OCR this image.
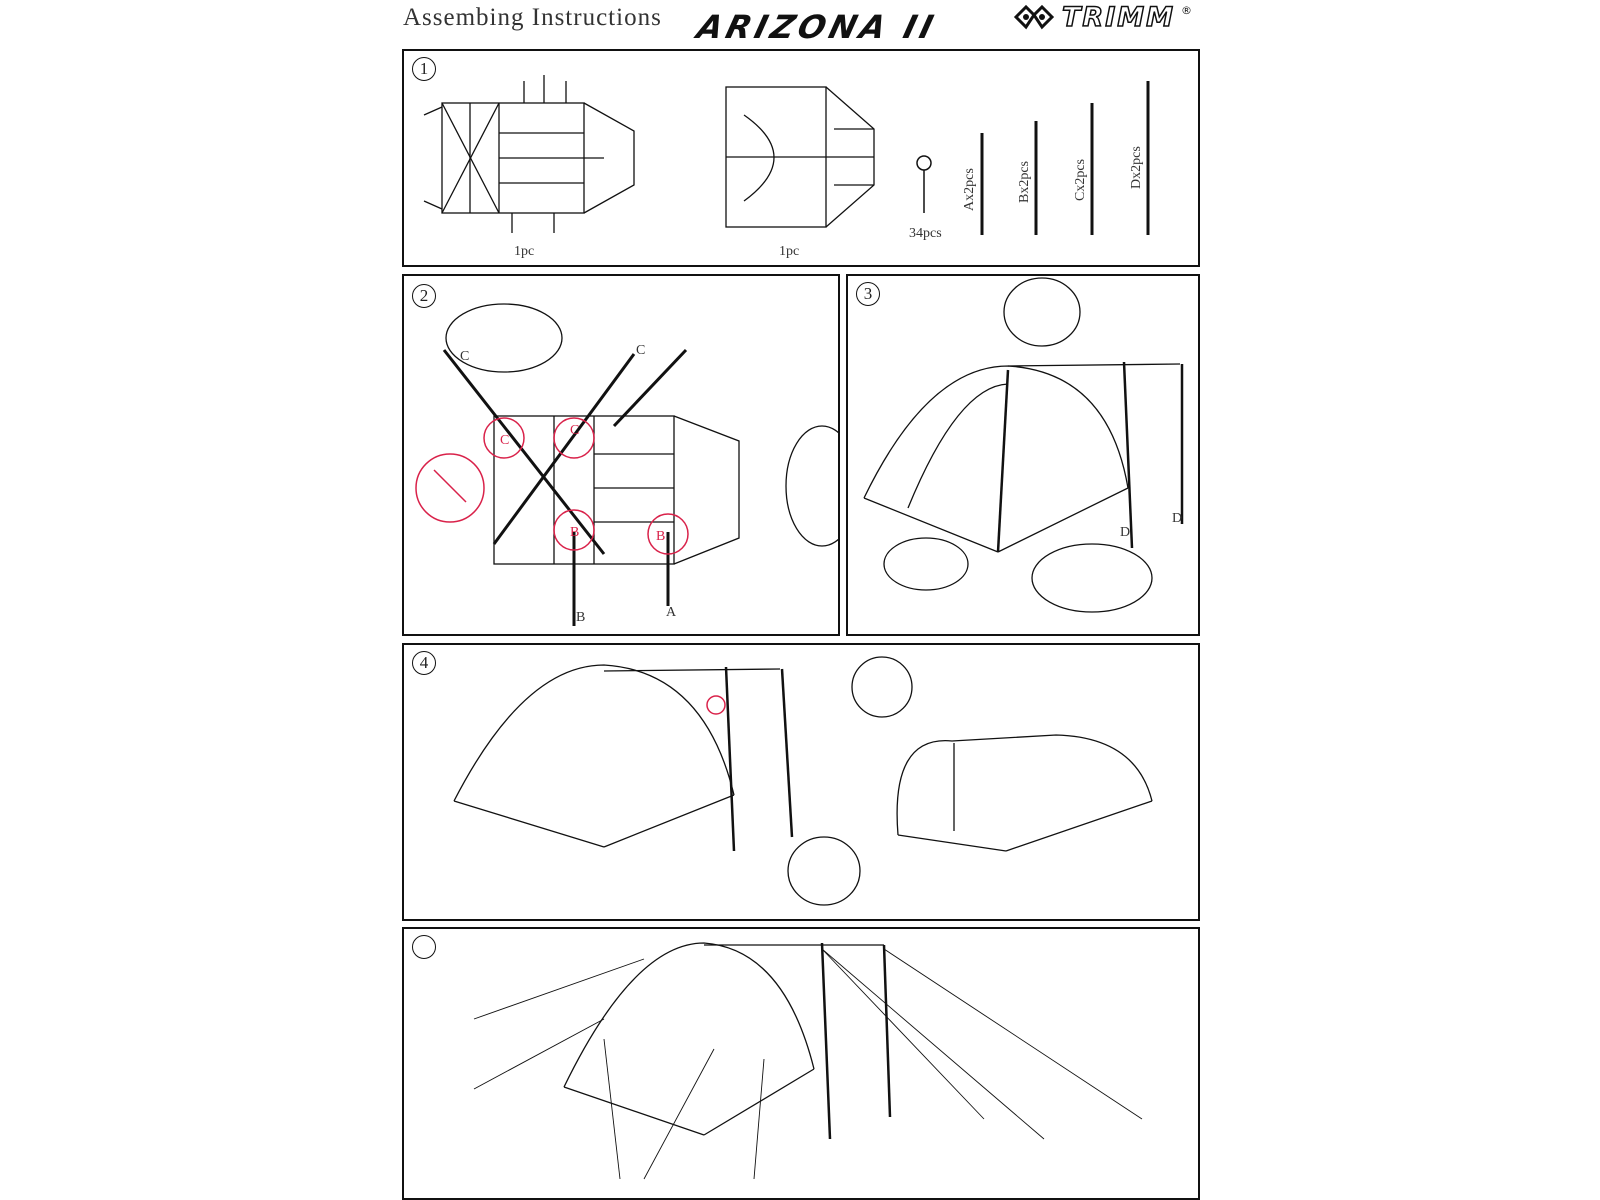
Assembing Instructions ARIZONA II	TRIMM ®
1
1pc	1pc
34pcs
Ax2pcs	Bx2pcs	Cx2pcs	Dx2pcs
2
C	C
C
C
B	B
B	A
3
D
D
4
